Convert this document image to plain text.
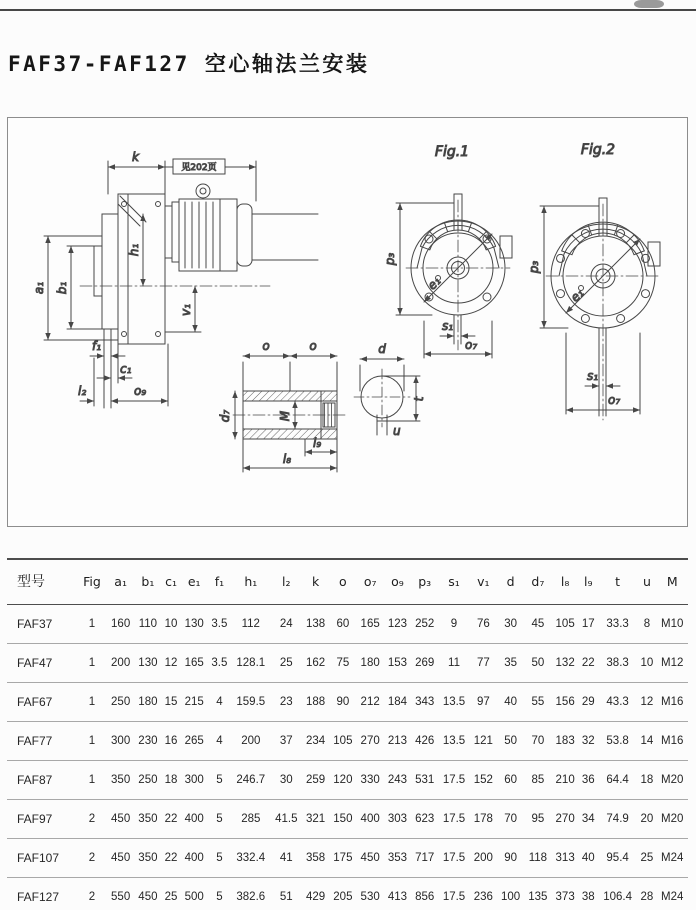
FAF37-FAF127 空心轴法兰安装
k
见202页
a₁ b₁
h₁
v₁
f₁
c₁
l₂	o₉
o	o
M
d₇
l₉
l₈
d
t
u
Fig.1
e₁
p₃
s₁
o₇
Fig.2
e₁
p₃
s₁
o₇
型号	Fig	a₁	b₁	c₁	e₁	f₁	h₁	l₂	k	o	o₇	o₉	p₃	s₁	v₁	d	d₇	l₈	l₉	t	u	M
FAF37	1	160	110	10	130	3.5	112	24	138	60	165	123	252	9	76	30	45	105	17	33.3	8	M10
FAF47	1	200	130	12	165	3.5	128.1	25	162	75	180	153	269	11	77	35	50	132	22	38.3	10	M12
FAF67	1	250	180	15	215	4	159.5	23	188	90	212	184	343	13.5	97	40	55	156	29	43.3	12	M16
FAF77	1	300	230	16	265	4	200	37	234	105	270	213	426	13.5	121	50	70	183	32	53.8	14	M16
FAF87	1	350	250	18	300	5	246.7	30	259	120	330	243	531	17.5	152	60	85	210	36	64.4	18	M20
FAF97	2	450	350	22	400	5	285	41.5	321	150	400	303	623	17.5	178	70	95	270	34	74.9	20	M20
FAF107	2	450	350	22	400	5	332.4	41	358	175	450	353	717	17.5	200	90	118	313	40	95.4	25	M24
FAF127	2	550	450	25	500	5	382.6	51	429	205	530	413	856	17.5	236	100	135	373	38	106.4	28	M24
